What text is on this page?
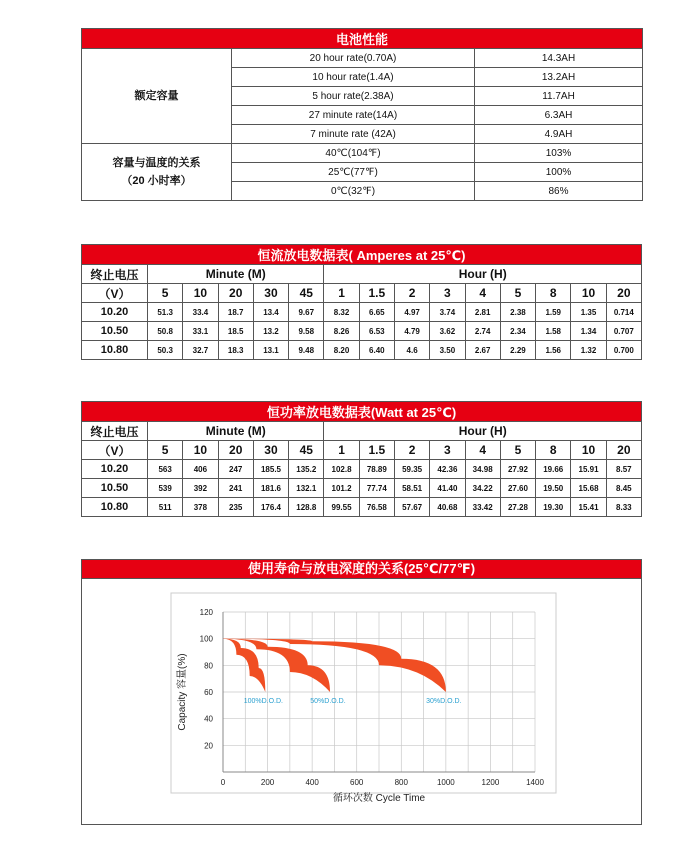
电池性能		
额定容量	20 hour rate(0.70A)	14.3AH
	10 hour rate(1.4A)	13.2AH
	5 hour rate(2.38A)	11.7AH
	27 minute rate(14A)	6.3AH
	7 minute rate (42A)	4.9AH

容量与温度的关系
（20 小时率）	40℃(104℉)	103%
	25℃(77℉)	100%
	0℃(32℉)	86%
恒流放电数据表( Amperes at 25℃)														
终止电压	Minute (M)					Hour (H)								
（V）	5	10	20	30	45	1	1.5	2	3	4	5	8	10	20
10.20	51.3	33.4	18.7	13.4	9.67	8.32	6.65	4.97	3.74	2.81	2.38	1.59	1.35	0.714
10.50	50.8	33.1	18.5	13.2	9.58	8.26	6.53	4.79	3.62	2.74	2.34	1.58	1.34	0.707
10.80	50.3	32.7	18.3	13.1	9.48	8.20	6.40	4.6	3.50	2.67	2.29	1.56	1.32	0.700
恒功率放电数据表(Watt at 25℃)														
终止电压	Minute (M)					Hour (H)								
（V）	5	10	20	30	45	1	1.5	2	3	4	5	8	10	20
10.20	563	406	247	185.5	135.2	102.8	78.89	59.35	42.36	34.98	27.92	19.66	15.91	8.57
10.50	539	392	241	181.6	132.1	101.2	77.74	58.51	41.40	34.22	27.60	19.50	15.68	8.45
10.80	511	378	235	176.4	128.8	99.55	76.58	57.67	40.68	33.42	27.28	19.30	15.41	8.33
使用寿命与放电深度的关系(25℃/77℉)
0	200	400	600	800	1000	1200	1400
20
40
60
80
100
120
100%D.O.D.	50%D.O.D.	30%D.O.D.
循环次数 Cycle Time
Capacity 容量(%)
